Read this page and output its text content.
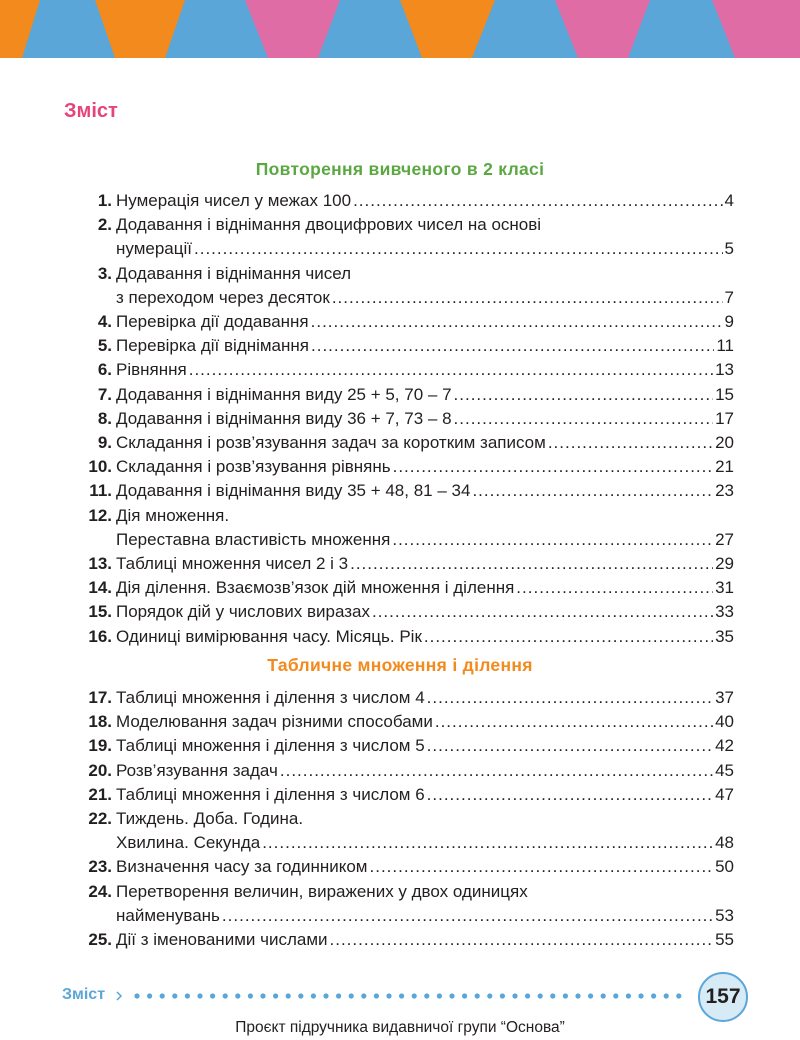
Зміст
Повторення вивченого в 2 класі
1. Нумерація чисел у межах 100 .....	4
2. Додавання і віднімання двоцифрових чисел на основі
нумерації .....	5
3. Додавання і віднімання чисел
з переходом через десяток .....	7
4. Перевірка дії додавання .....	9
5. Перевірка дії віднімання .....	11
6. Рівняння .....	13
7. Додавання і віднімання виду 25 + 5, 70 – 7 .....	15
8. Додавання і віднімання виду 36 + 7, 73 – 8 .....	17
9. Складання і розв’язування задач за коротким записом .....	20
10. Складання і розв’язування рівнянь .....	21
11. Додавання і віднімання виду 35 + 48, 81 – 34 .....	23
12. Дія множення.
Переставна властивість множення .....	27
13. Таблиці множення чисел 2 і 3 .....	29
14. Дія ділення. Взаємозв’язок дій множення і ділення .....	31
15. Порядок дій у числових виразах .....	33
16. Одиниці вимірювання часу. Місяць. Рік .....	35
Табличне множення і ділення
17. Таблиці множення і ділення з числом 4 .....	37
18. Моделювання задач різними способами .....	40
19. Таблиці множення і ділення з числом 5 .....	42
20. Розв’язування задач .....	45
21. Таблиці множення і ділення з числом 6 .....	47
22. Тиждень. Доба. Година.
Хвилина. Секунда .....	48
23. Визначення часу за годинником .....	50
24. Перетворення величин, виражених у двох одиницях
найменувань .....	53
25. Дії з іменованими числами .....	55
Зміст	157
Проєкт підручника видавничої групи “Основа”
